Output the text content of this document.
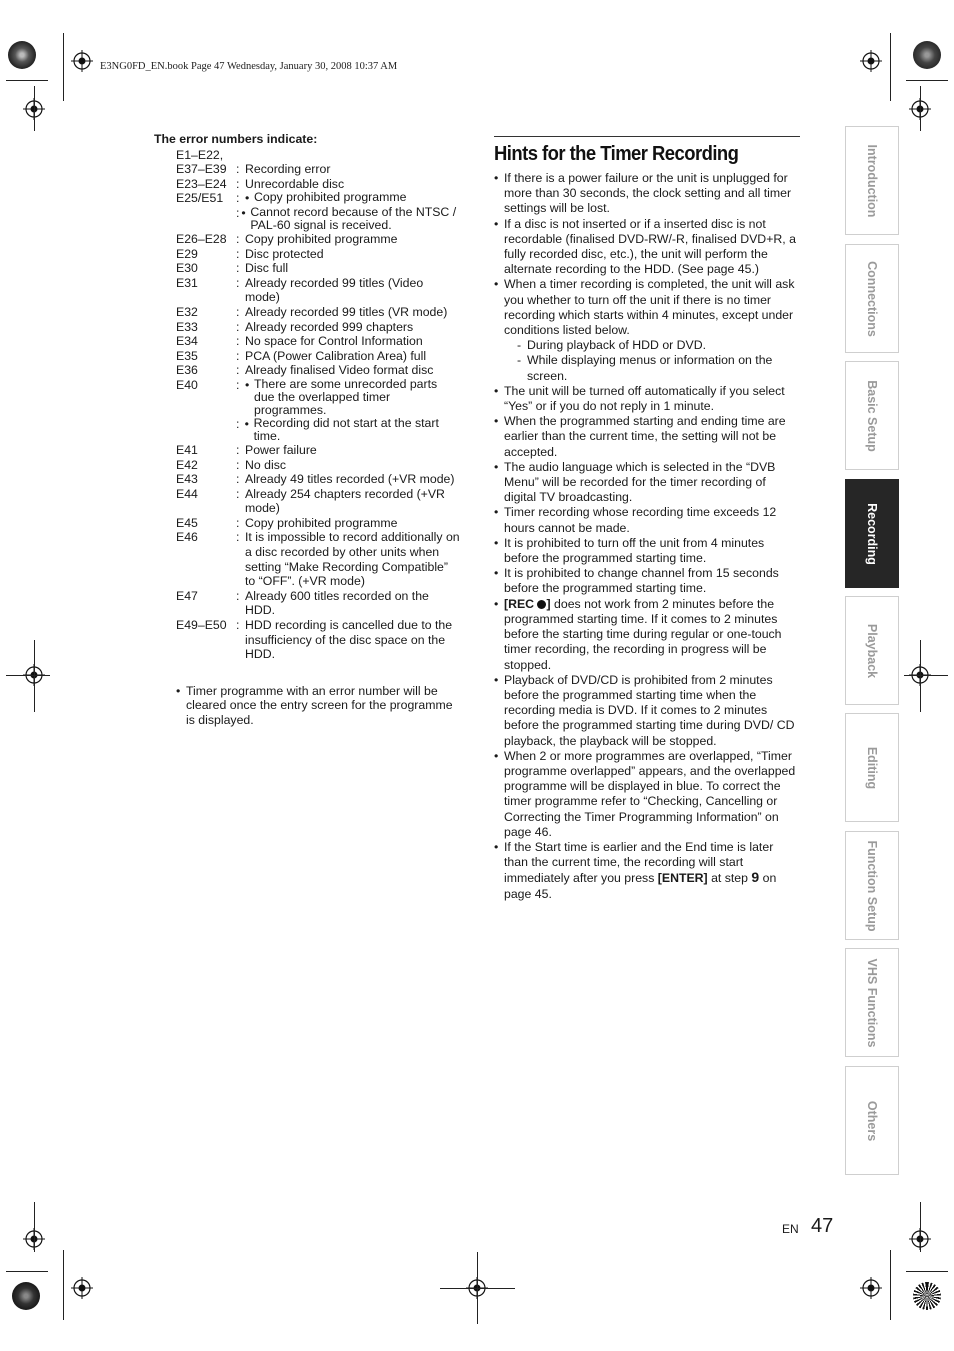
E3NG0FD_EN.book Page 47 Wednesday, January 30, 2008 10:37 AM
The error numbers indicate:
E1–E22,		
E37–E39	:	Recording error

E23–E24	:	Unrecordable disc

E25/E51	:	• Copy prohibited programme
: • Cannot record because of the NTSC / PAL-60 signal is received.

E26–E28	:	Copy prohibited programme

E29	:	Disc protected

E30	:	Disc full

E31	:	Already recorded 99 titles (Video mode)

E32	:	Already recorded 99 titles (VR mode)

E33	:	Already recorded 999 chapters

E34	:	No space for Control Information

E35	:	PCA (Power Calibration Area) full

E36	:	Already finalised Video format disc

E40	:	• There are some unrecorded parts due the overlapped timer programmes.
: • Recording did not start at the start time.

E41	:	Power failure

E42	:	No disc

E43	:	Already 49 titles recorded (+VR mode)

E44	:	Already 254 chapters recorded (+VR mode)

E45	:	Copy prohibited programme

E46	:	It is impossible to record additionally on a disc recorded by other units when setting “Make Recording Compatible” to “OFF”. (+VR mode)

E47	:	Already 600 titles recorded on the HDD.

E49–E50	:	HDD recording is cancelled due to the insufficiency of the disc space on the HDD.
• Timer programme with an error number will be cleared once the entry screen for the programme is displayed.
Hints for the Timer Recording
• If there is a power failure or the unit is unplugged for more than 30 seconds, the clock setting and all timer settings will be lost.
• If a disc is not inserted or if a inserted disc is not recordable (finalised DVD-RW/-R, finalised DVD+R, a fully recorded disc, etc.), the unit will perform the alternate recording to the HDD. (See page 45.)
• When a timer recording is completed, the unit will ask you whether to turn off the unit if there is no timer recording which starts within 4 minutes, except under conditions listed below.
- During playback of HDD or DVD.
- While displaying menus or information on the screen.
• The unit will be turned off automatically if you select “Yes” or if you do not reply in 1 minute.
• When the programmed starting and ending time are earlier than the current time, the setting will not be accepted.
• The audio language which is selected in the “DVB Menu” will be recorded for the timer recording of digital TV broadcasting.
• Timer recording whose recording time exceeds 12 hours cannot be made.
• It is prohibited to turn off the unit from 4 minutes before the programmed starting time.
• It is prohibited to change channel from 15 seconds before the programmed starting time.
• [REC ] does not work from 2 minutes before the programmed starting time. If it comes to 2 minutes before the starting time during regular or one-touch timer recording, the recording in progress will be stopped.
• Playback of DVD/CD is prohibited from 2 minutes before the programmed starting time when the recording media is DVD. If it comes to 2 minutes before the programmed starting time during DVD/ CD playback, the playback will be stopped.
• When 2 or more programmes are overlapped, “Timer programme overlapped” appears, and the overlapped programme will be displayed in blue. To correct the timer programme refer to “Checking, Cancelling or Correcting the Timer Programming Information” on page 46.
• If the Start time is earlier and the End time is later than the current time, the recording will start immediately after you press [ENTER] at step 9 on page 45.
Introduction
Connections
Basic Setup
Recording
Playback
Editing
Function Setup
VHS Functions
Others
EN 47
